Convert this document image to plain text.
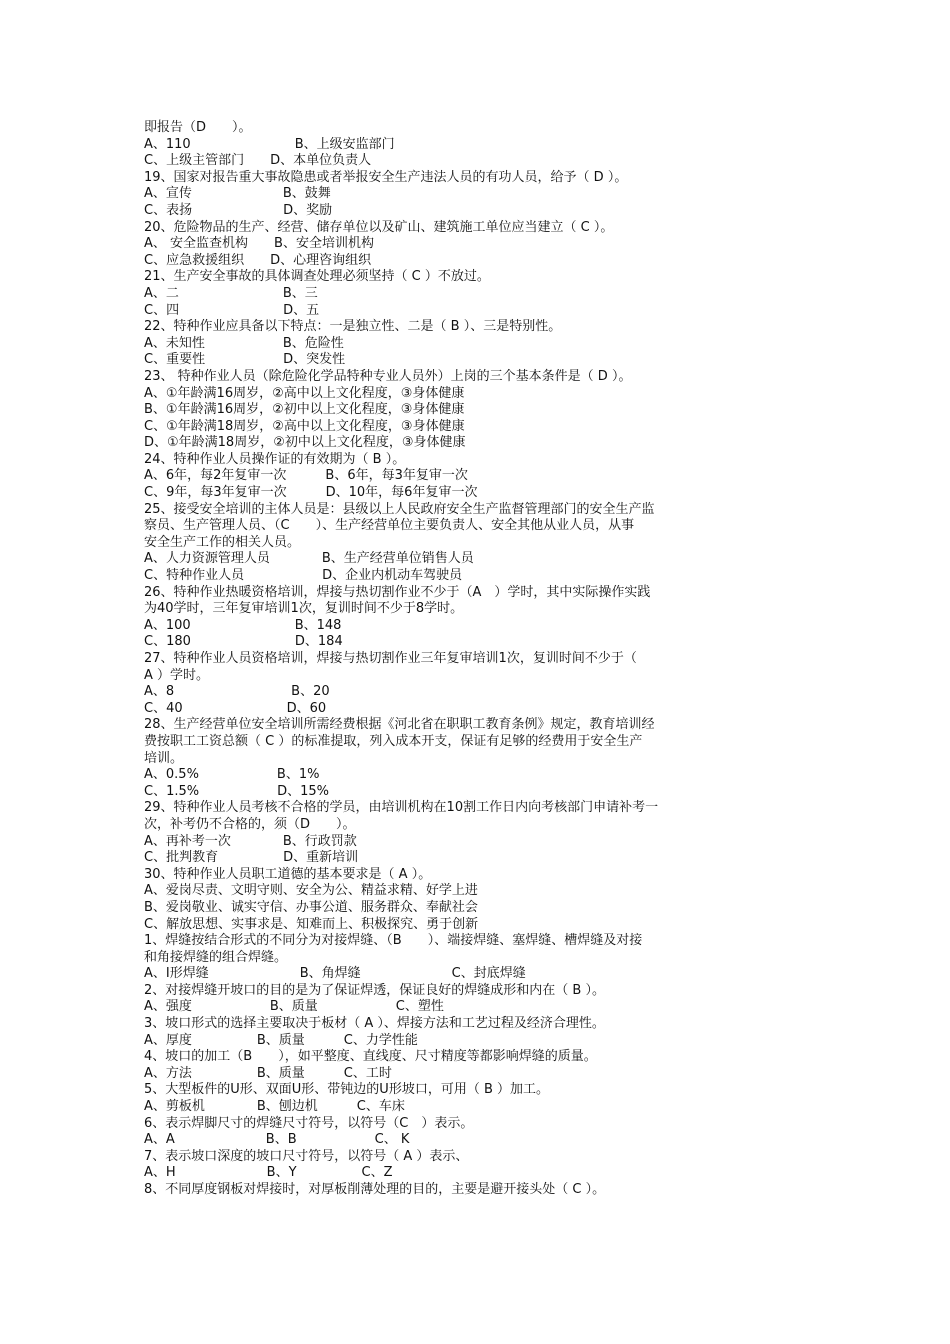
即报告（D　　）。
A、110　　　　　　　　B、上级安监部门
C、上级主管部门　　D、本单位负责人
19、国家对报告重大事故隐患或者举报安全生产违法人员的有功人员，给予（ D ）。
A、宣传　　　　　　　B、鼓舞
C、表扬　　　　　　　D、奖励
20、危险物品的生产、经营、储存单位以及矿山、建筑施工单位应当建立（ C ）。
A、 安全监查机构　　B、安全培训机构
C、应急救援组织　　D、心理咨询组织
21、生产安全事故的具体调查处理必须坚持（ C ）不放过。
A、二　　　　　　　　B、三
C、四　　　　　　　　D、五
22、特种作业应具备以下特点：一是独立性、二是（ B ）、三是特别性。
A、未知性　　　　　　B、危险性
C、重要性　　　　　　D、突发性
23、 特种作业人员（除危险化学品特种专业人员外）上岗的三个基本条件是（ D ）。
A、①年龄满16周岁，②高中以上文化程度，③身体健康
B、①年龄满16周岁，②初中以上文化程度，③身体健康
C、①年龄满18周岁，②高中以上文化程度，③身体健康
D、①年龄满18周岁，②初中以上文化程度，③身体健康
24、特种作业人员操作证的有效期为（ B ）。
A、6年，每2年复审一次　　　B、6年，每3年复审一次
C、9年，每3年复审一次　　　D、10年，每6年复审一次
25、接受安全培训的主体人员是：县级以上人民政府安全生产监督管理部门的安全生产监
察员、生产管理人员、（C　　）、生产经营单位主要负责人、安全其他从业人员，从事
安全生产工作的相关人员。
A、人力资源管理人员　　　　B、生产经营单位销售人员
C、特种作业人员　　　　　　D、企业内机动车驾驶员
26、特种作业热暖资格培训，焊接与热切割作业不少于（A　）学时，其中实际操作实践
为40学时，三年复审培训1次，复训时间不少于8学时。
A、100　　　　　　　　B、148
C、180　　　　　　　　D、184
27、特种作业人员资格培训，焊接与热切割作业三年复审培训1次，复训时间不少于（
A ）学时。
A、8　　　　　　　　　B、20
C、40　　　　　　　　D、60
28、生产经营单位安全培训所需经费根据《河北省在职职工教育条例》规定，教育培训经
费按职工工资总额（ C ）的标准提取，列入成本开支，保证有足够的经费用于安全生产
培训。
A、0.5%　　　　　　B、1%
C、1.5%　　　　　　D、15%
29、特种作业人员考核不合格的学员，由培训机构在10割工作日内向考核部门申请补考一
次，补考仍不合格的，须（D　　）。
A、再补考一次　　　　B、行政罚款
C、批判教育　　　　　D、重新培训
30、特种作业人员职工道德的基本要求是（ A ）。
A、爱岗尽责、文明守则、安全为公、精益求精、好学上进
B、爱岗敬业、诚实守信、办事公道、服务群众、奉献社会
C、解放思想、实事求是、知难而上、积极探究、勇于创新
1、焊缝按结合形式的不同分为对接焊缝、（B　　）、端接焊缝、塞焊缝、槽焊缝及对接
和角接焊缝的组合焊缝。
A、I形焊缝　　　　　　　B、角焊缝　　　　　　　C、封底焊缝
2、对接焊缝开坡口的目的是为了保证焊透，保证良好的焊缝成形和内在（ B ）。
A、强度　　　　　　B、质量　　　　　　C、塑性
3、坡口形式的选择主要取决于板材（ A ）、焊接方法和工艺过程及经济合理性。
A、厚度　　　　　B、质量　　　C、力学性能
4、坡口的加工（B　　），如平整度、直线度、尺寸精度等都影响焊缝的质量。
A、方法　　　　　B、质量　　　C、工时
5、大型板件的U形、双面U形、带钝边的U形坡口，可用（ B ）加工。
A、剪板机　　　　B、刨边机　　　C、车床
6、表示焊脚尺寸的焊缝尺寸符号，以符号（C　）表示。
A、A　　　　　　　B、B　　　　　　C、 K
7、表示坡口深度的坡口尺寸符号，以符号（ A ）表示、
A、H　　　　　　　B、Y　　　　　C、Z
8、不同厚度钢板对焊接时，对厚板削薄处理的目的，主要是避开接头处（ C ）。
